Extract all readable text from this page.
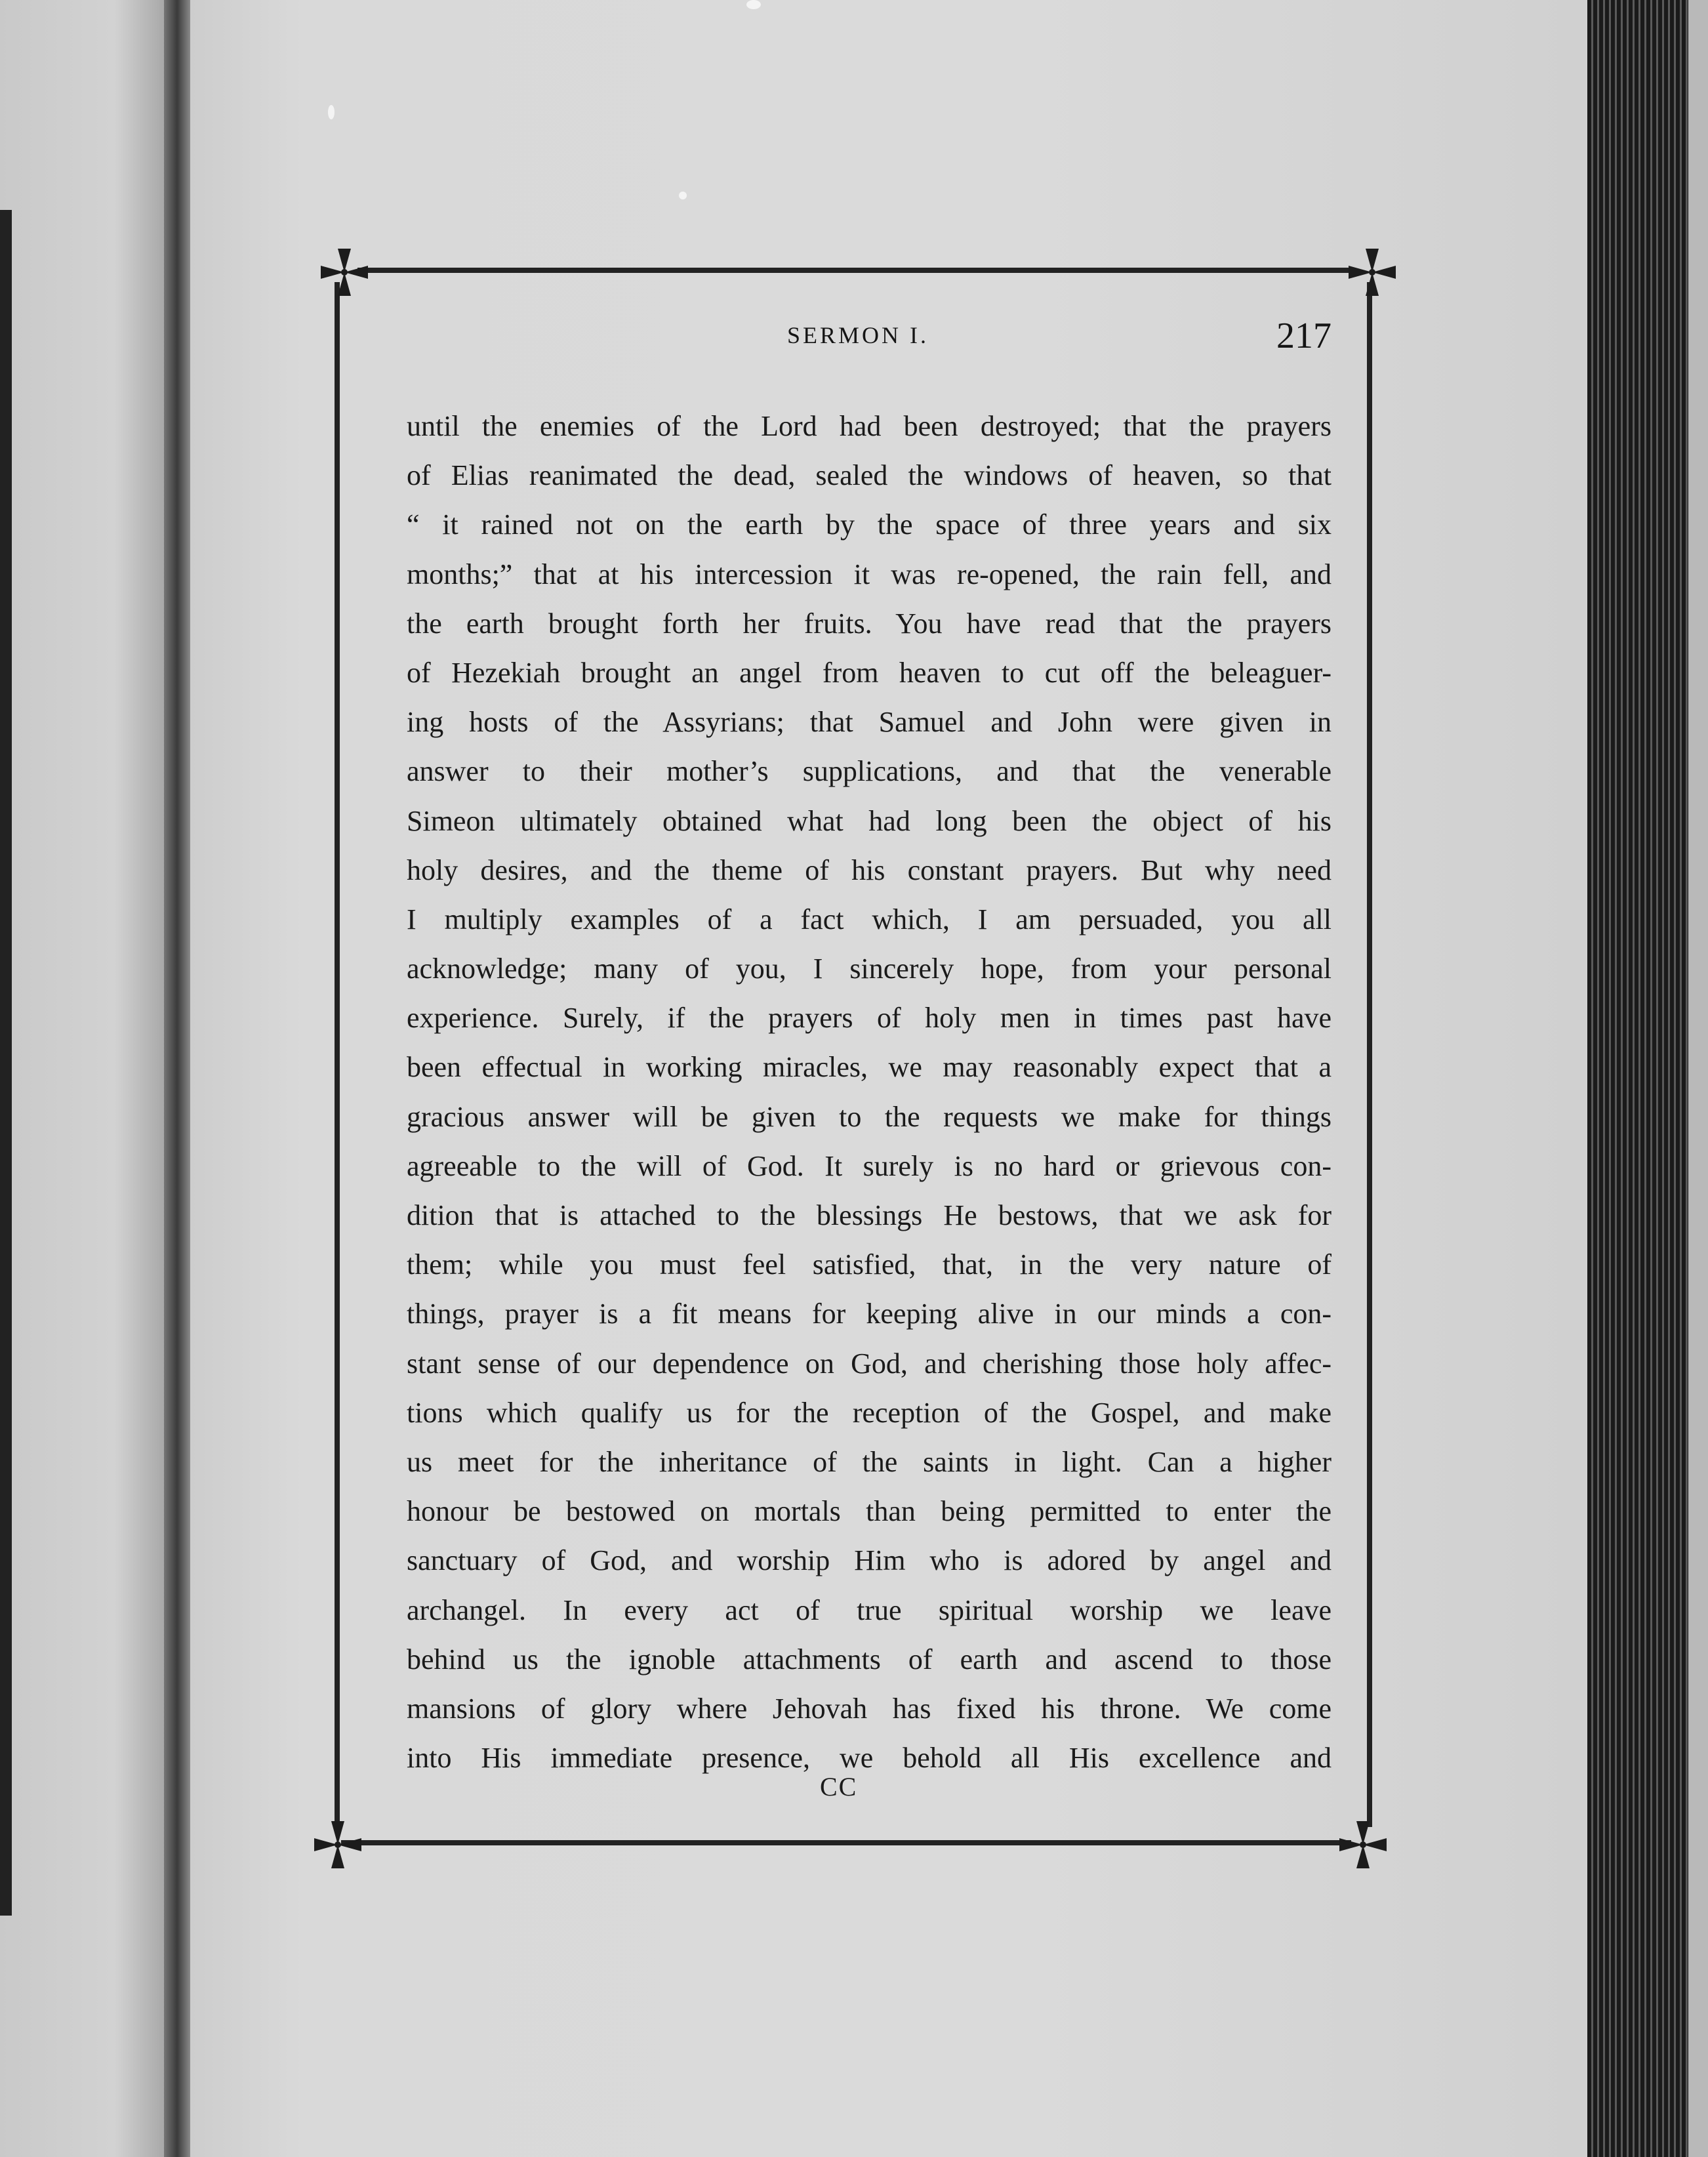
SERMON I.	217
until the enemies of the Lord had been destroyed; that the prayers
of Elias reanimated the dead, sealed the windows of heaven, so that
“ it rained not on the earth by the space of three years and six
months;” that at his intercession it was re-opened, the rain fell, and
the earth brought forth her fruits. You have read that the prayers
of Hezekiah brought an angel from heaven to cut off the beleaguer-
ing hosts of the Assyrians; that Samuel and John were given in
answer to their mother’s supplications, and that the venerable
Simeon ultimately obtained what had long been the object of his
holy desires, and the theme of his constant prayers. But why need
I multiply examples of a fact which, I am persuaded, you all
acknowledge; many of you, I sincerely hope, from your personal
experience. Surely, if the prayers of holy men in times past have
been effectual in working miracles, we may reasonably expect that a
gracious answer will be given to the requests we make for things
agreeable to the will of God. It surely is no hard or grievous con-
dition that is attached to the blessings He bestows, that we ask for
them; while you must feel satisfied, that, in the very nature of
things, prayer is a fit means for keeping alive in our minds a con-
stant sense of our dependence on God, and cherishing those holy affec-
tions which qualify us for the reception of the Gospel, and make
us meet for the inheritance of the saints in light. Can a higher
honour be bestowed on mortals than being permitted to enter the
sanctuary of God, and worship Him who is adored by angel and
archangel. In every act of true spiritual worship we leave
behind us the ignoble attachments of earth and ascend to those
mansions of glory where Jehovah has fixed his throne. We come
into His immediate presence, we behold all His excellence and
CC
